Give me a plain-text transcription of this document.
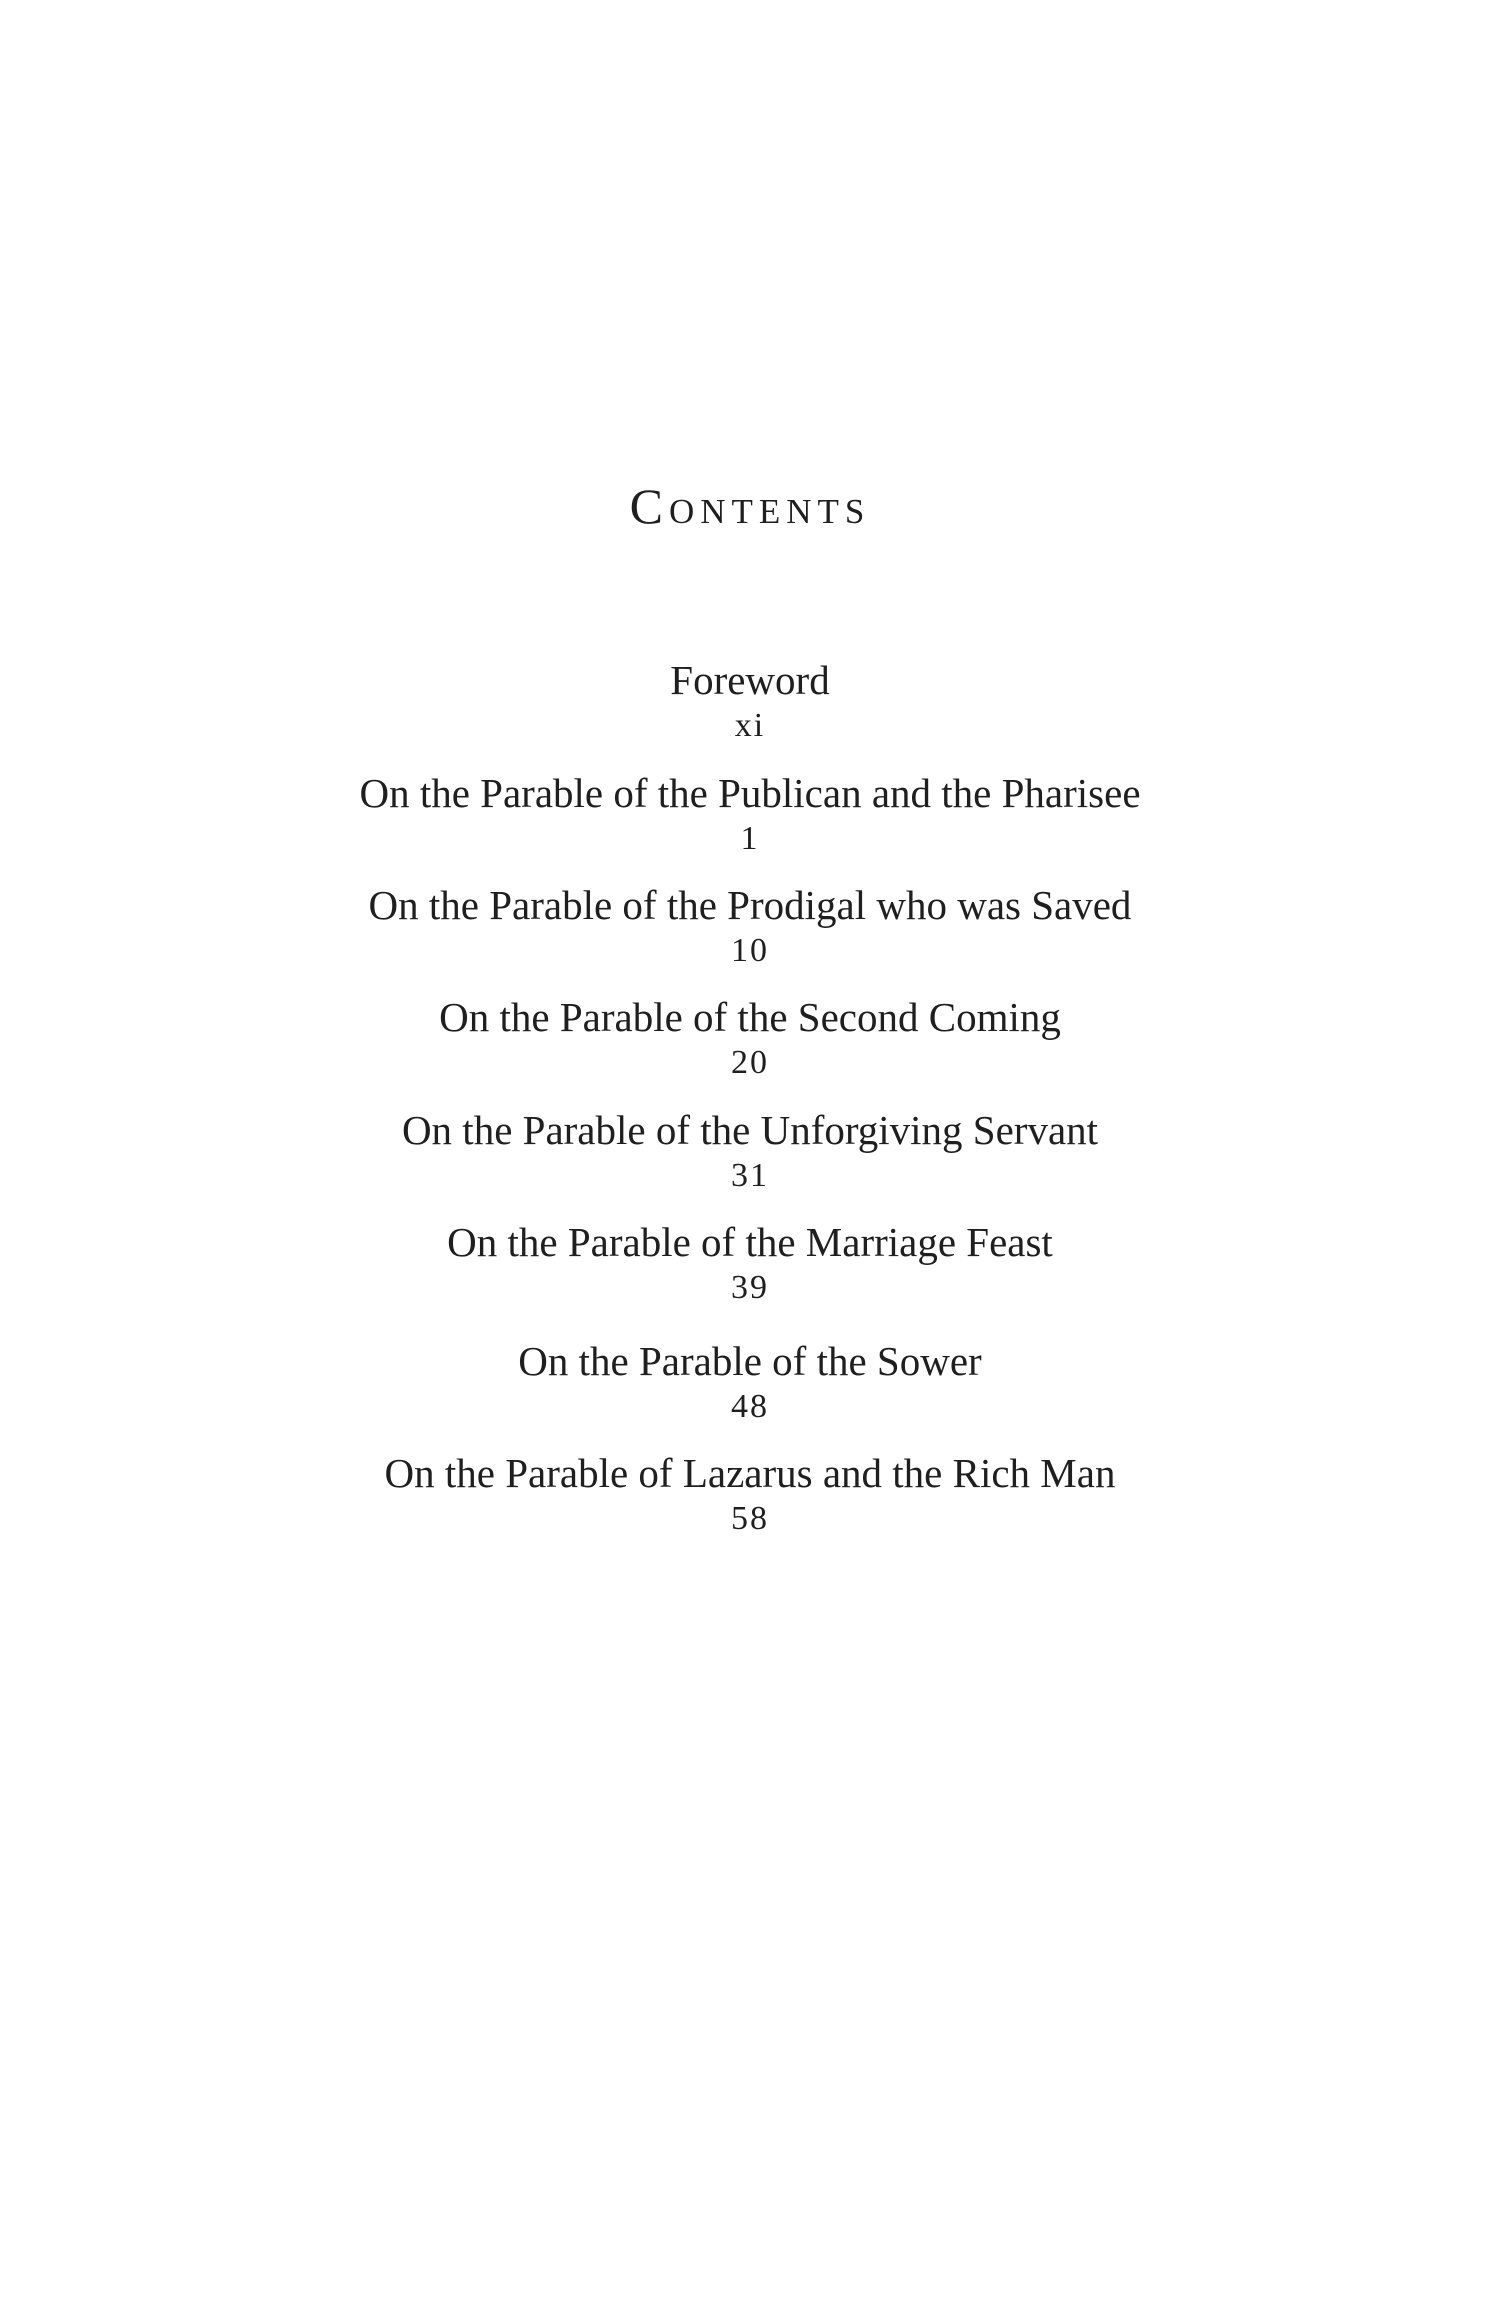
Contents
Foreword
xi
On the Parable of the Publican and the Pharisee
1
On the Parable of the Prodigal who was Saved
10
On the Parable of the Second Coming
20
On the Parable of the Unforgiving Servant
31
On the Parable of the Marriage Feast
39
On the Parable of the Sower
48
On the Parable of Lazarus and the Rich Man
58
